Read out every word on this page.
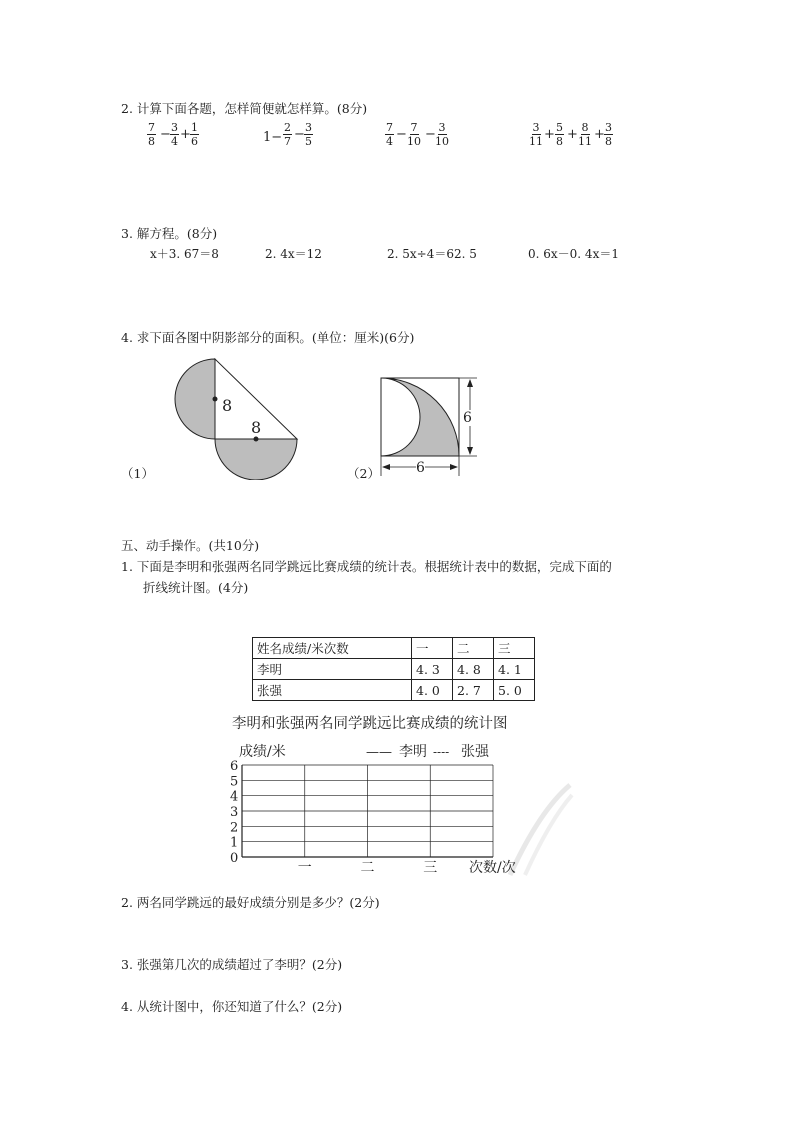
2. 计算下面各题，怎样简便就怎样算。(8分)
$\frac{7}{8} - \frac{3}{4} + \frac{1}{6}$	$1- \frac{2}{7} - \frac{3}{5}$	$\frac{7}{4} - \frac{7}{10}$ −
$\frac{3}{10}$	$\frac{3}{11} + \frac{5}{8} + \frac{8}{11} + \frac{3}{8}$
3. 解方程。(8分)
x＋3. 67＝8	2. 4x＝12	2. 5x÷4＝62. 5	0. 6x－0. 4x＝1
4. 求下面各图中阴影部分的面积。(单位：厘米)(6分)
8
8
（1）
6
6
（2）
五、动手操作。(共10分)
1. 下面是李明和张强两名同学跳远比赛成绩的统计表。根据统计表中的数据，完成下面的
折线统计图。(4分)
姓名成绩/米次数	一	二	三
李明	4. 3	4. 8	4. 1
张强	4. 0	2. 7	5. 0
李明和张强两名同学跳远比赛成绩的统计图
成绩/米	—— 李明 ---- 张强
次数/次
0
1
2
3
4
5
6
一	二	三
2. 两名同学跳远的最好成绩分别是多少？(2分)
3. 张强第几次的成绩超过了李明？(2分)
4. 从统计图中，你还知道了什么？(2分)
